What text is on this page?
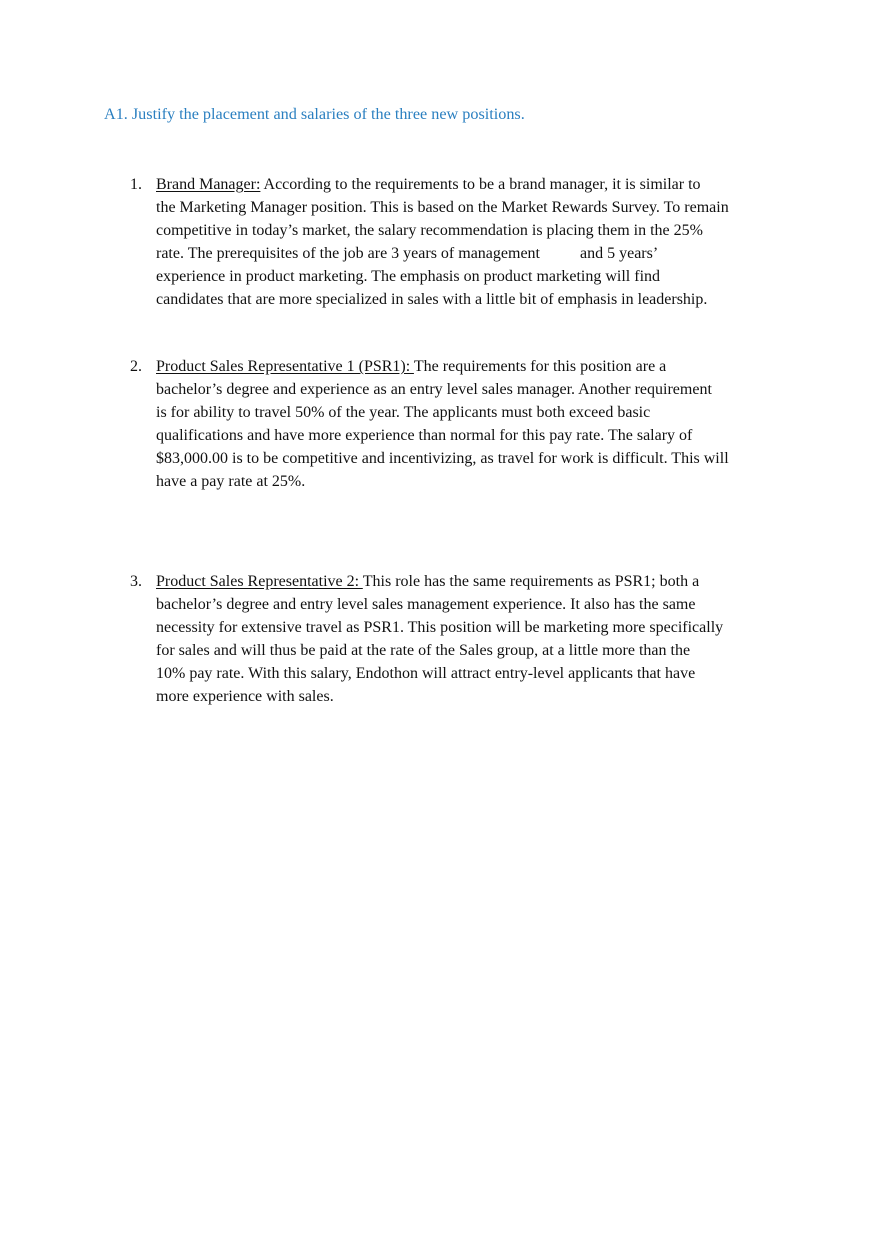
A1. Justify the placement and salaries of the three new positions.
1. Brand Manager: According to the requirements to be a brand manager, it is similar to
the Marketing Manager position. This is based on the Market Rewards Survey. To remain
competitive in today’s market, the salary recommendation is placing them in the 25%
rate. The prerequisites of the job are 3 years of management          and 5 years’
experience in product marketing. The emphasis on product marketing will find
candidates that are more specialized in sales with a little bit of emphasis in leadership.
2. Product Sales Representative 1 (PSR1): The requirements for this position are a
bachelor’s degree and experience as an entry level sales manager. Another requirement
is for ability to travel 50% of the year. The applicants must both exceed basic
qualifications and have more experience than normal for this pay rate. The salary of
$83,000.00 is to be competitive and incentivizing, as travel for work is difficult. This will
have a pay rate at 25%.
3. Product Sales Representative 2: This role has the same requirements as PSR1; both a
bachelor’s degree and entry level sales management experience. It also has the same
necessity for extensive travel as PSR1. This position will be marketing more specifically
for sales and will thus be paid at the rate of the Sales group, at a little more than the
10% pay rate. With this salary, Endothon will attract entry-level applicants that have
more experience with sales.
